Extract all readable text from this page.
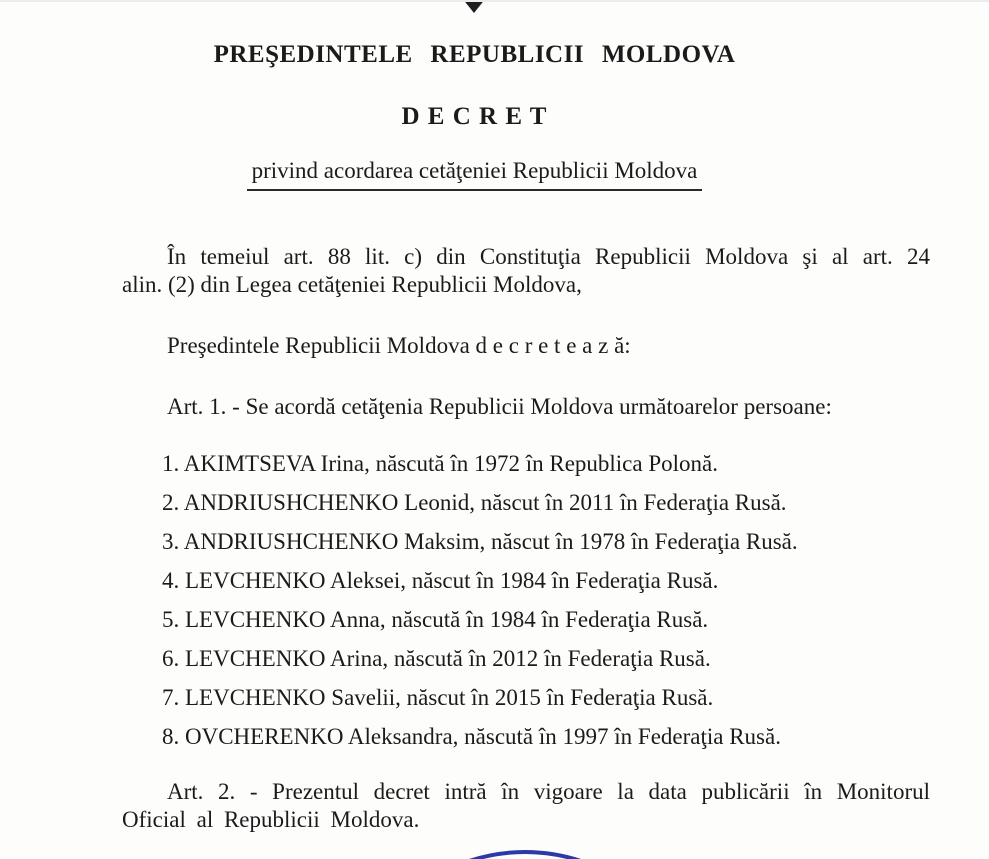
PREŞEDINTELE REPUBLICII MOLDOVA
D E C R E T
privind acordarea cetăţeniei Republicii Moldova

În temeiul art. 88 lit. c) din Constituţia Republicii Moldova şi al art. 24

alin. (2) din Legea cetăţeniei Republicii Moldova,

Preşedintele Republicii Moldova d e c r e t e a z ă:

Art. 1. - Se acordă cetăţenia Republicii Moldova următoarelor persoane:

1. AKIMTSEVA Irina, născută în 1972 în Republica Polonă.
2. ANDRIUSHCHENKO Leonid, născut în 2011 în Federaţia Rusă.
3. ANDRIUSHCHENKO Maksim, născut în 1978 în Federaţia Rusă.
4. LEVCHENKO Aleksei, născut în 1984 în Federaţia Rusă.
5. LEVCHENKO Anna, născută în 1984 în Federaţia Rusă.
6. LEVCHENKO Arina, născută în 2012 în Federaţia Rusă.
7. LEVCHENKO Savelii, născut în 2015 în Federaţia Rusă.
8. OVCHERENKO Aleksandra, născută în 1997 în Federaţia Rusă.

Art. 2. - Prezentul decret intră în vigoare la data publicării în Monitorul

Oficial al Republicii Moldova.
